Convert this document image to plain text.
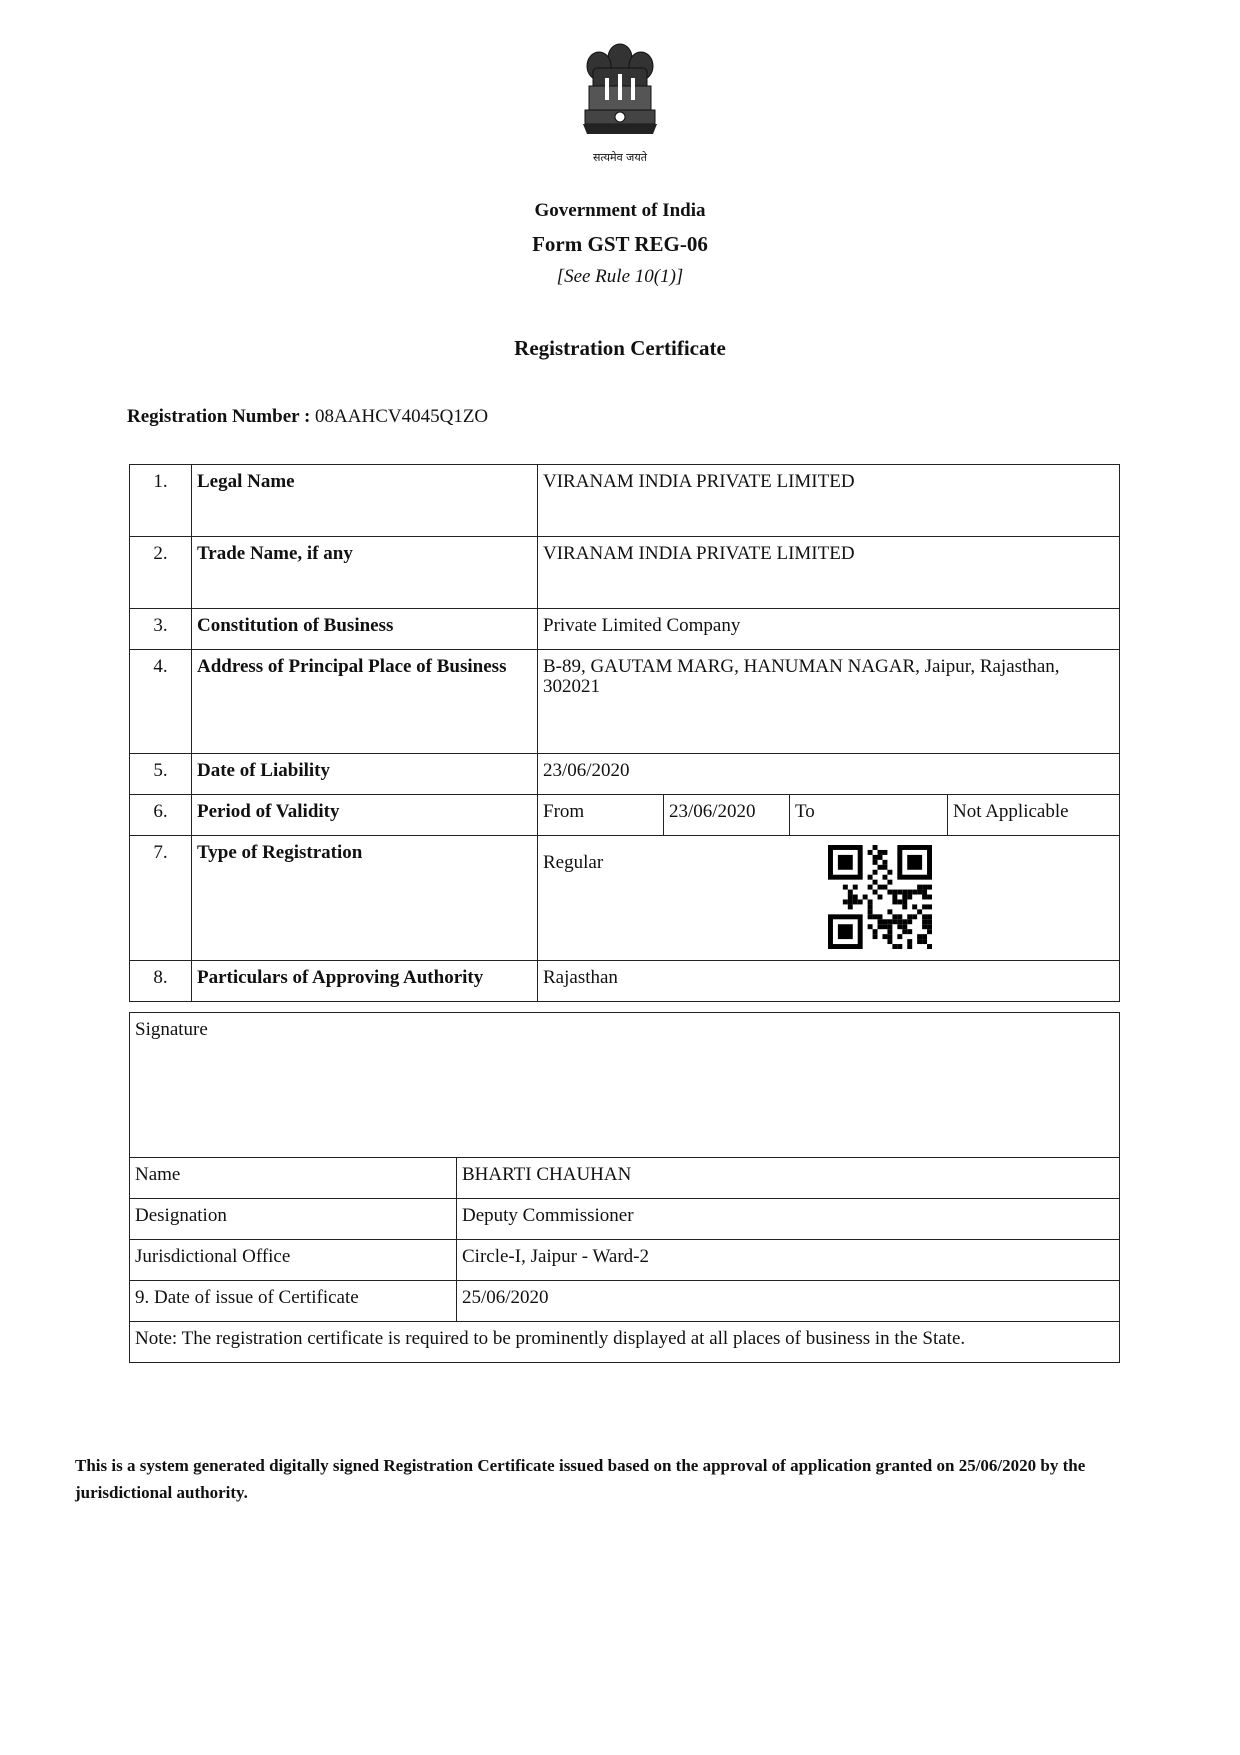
सत्यमेव जयते
Government of India
Form GST REG-06
[See Rule 10(1)]
Registration Certificate
Registration Number : 08AAHCV4045Q1ZO
1.	Legal Name	VIRANAM INDIA PRIVATE LIMITED			
2.	Trade Name, if any	VIRANAM INDIA PRIVATE LIMITED			
3.	Constitution of Business	Private Limited Company			
4.	Address of Principal Place of Business	B-89, GAUTAM MARG, HANUMAN NAGAR, Jaipur, Rajasthan, 302021			
5.	Date of Liability	23/06/2020			
6.	Period of Validity	From	23/06/2020	To	Not Applicable
7.	Type of Registration	Regular			
8.	Particulars of Approving Authority	Rajasthan			
Signature	
Name	BHARTI CHAUHAN
Designation	Deputy Commissioner
Jurisdictional Office	Circle-I, Jaipur - Ward-2
9. Date of issue of Certificate	25/06/2020
Note: The registration certificate is required to be prominently displayed at all places of business in the State.	
This is a system generated digitally signed Registration Certificate issued based on the approval of application granted on 25/06/2020 by the jurisdictional authority.
